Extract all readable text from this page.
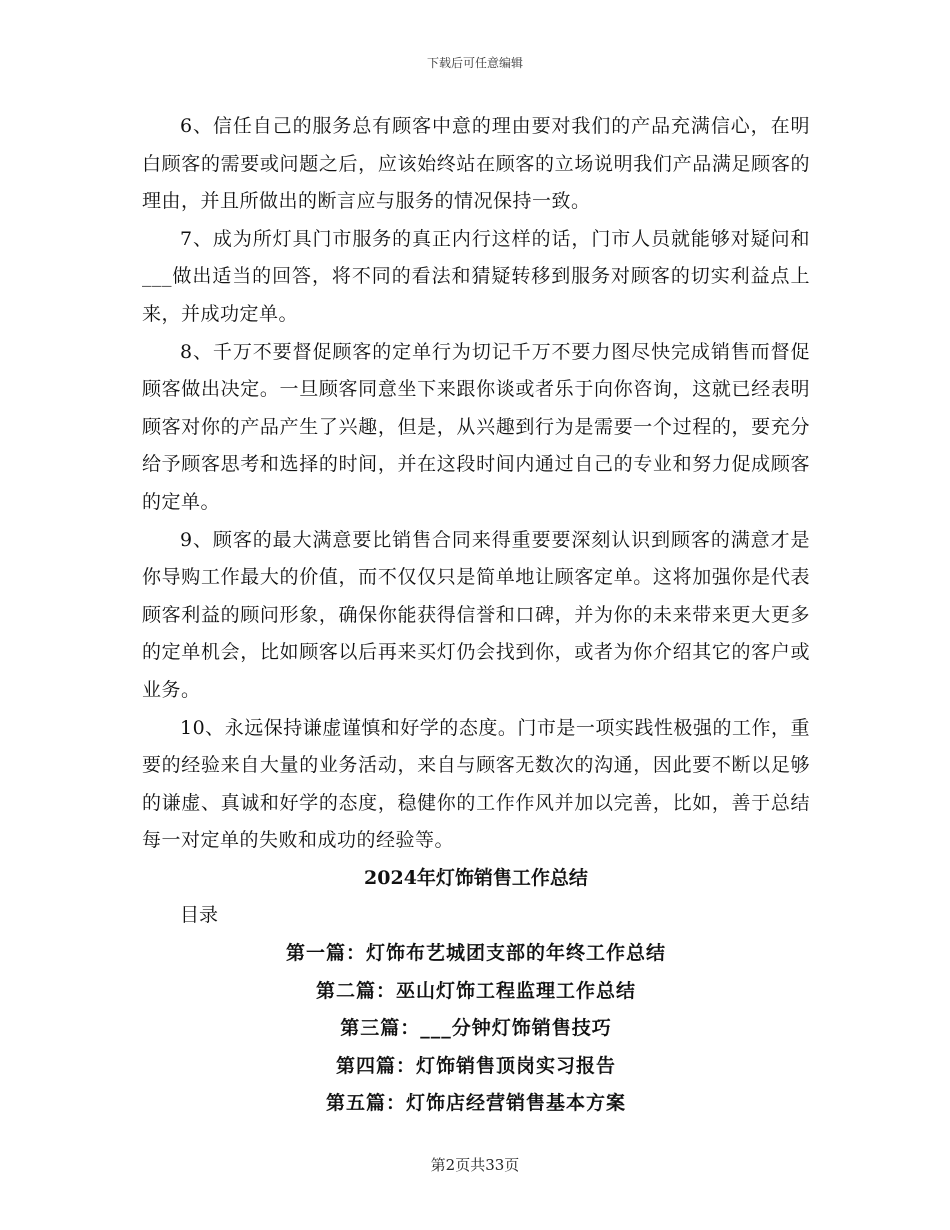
下载后可任意编辑

6、信任自己的服务总有顾客中意的理由要对我们的产品充满信心，在明白顾客的需要或问题之后，应该始终站在顾客的立场说明我们产品满足顾客的理由，并且所做出的断言应与服务的情况保持一致。

7、成为所灯具门市服务的真正内行这样的话，门市人员就能够对疑问和___做出适当的回答，将不同的看法和猜疑转移到服务对顾客的切实利益点上来，并成功定单。

8、千万不要督促顾客的定单行为切记千万不要力图尽快完成销售而督促顾客做出决定。一旦顾客同意坐下来跟你谈或者乐于向你咨询，这就已经表明顾客对你的产品产生了兴趣，但是，从兴趣到行为是需要一个过程的，要充分给予顾客思考和选择的时间，并在这段时间内通过自己的专业和努力促成顾客的定单。

9、顾客的最大满意要比销售合同来得重要要深刻认识到顾客的满意才是你导购工作最大的价值，而不仅仅只是简单地让顾客定单。这将加强你是代表顾客利益的顾问形象，确保你能获得信誉和口碑，并为你的未来带来更大更多的定单机会，比如顾客以后再来买灯仍会找到你，或者为你介绍其它的客户或业务。

10、永远保持谦虚谨慎和好学的态度。门市是一项实践性极强的工作，重要的经验来自大量的业务活动，来自与顾客无数次的沟通，因此要不断以足够的谦虚、真诚和好学的态度，稳健你的工作作风并加以完善，比如，善于总结每一对定单的失败和成功的经验等。

2024年灯饰销售工作总结

目录

第一篇：灯饰布艺城团支部的年终工作总结

第二篇：巫山灯饰工程监理工作总结

第三篇：___分钟灯饰销售技巧

第四篇：灯饰销售顶岗实习报告

第五篇：灯饰店经营销售基本方案

第2页共33页
